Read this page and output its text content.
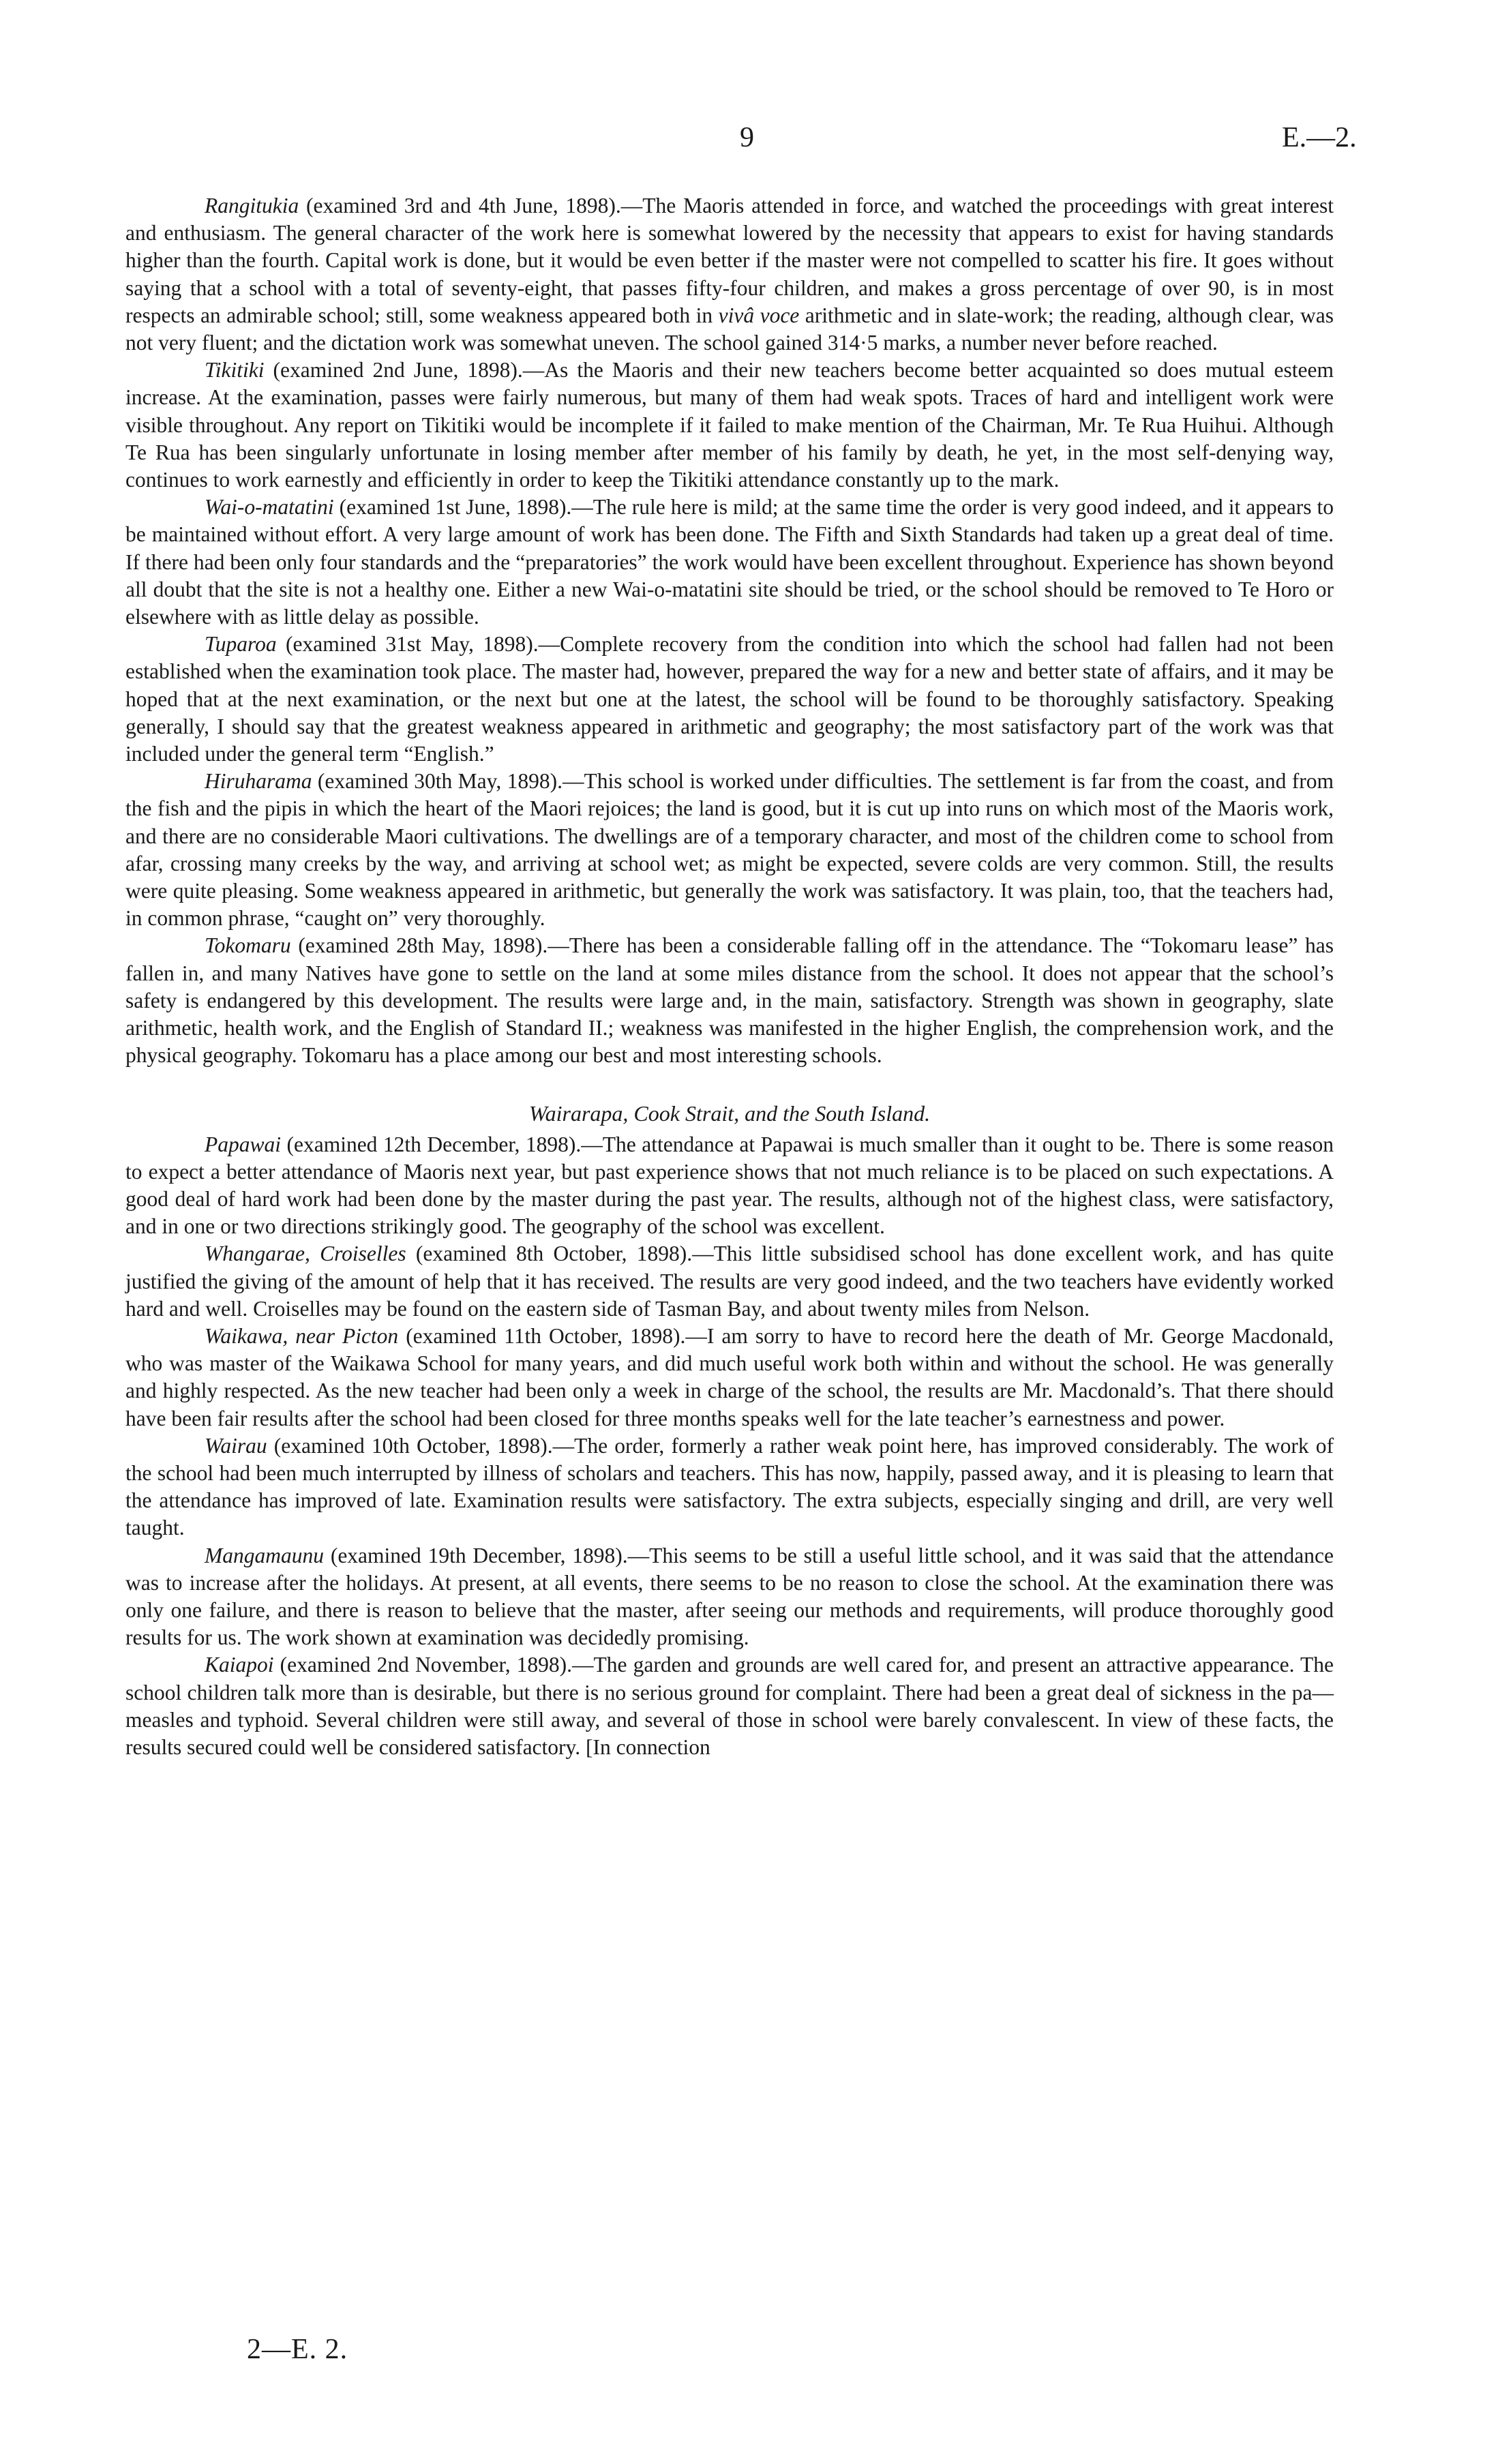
9	E.—2.

Rangitukia (examined 3rd and 4th June, 1898).—The Maoris attended in force, and watched the proceedings with great interest and enthusiasm. The general character of the work here is somewhat lowered by the necessity that appears to exist for having standards higher than the fourth. Capital work is done, but it would be even better if the master were not compelled to scatter his fire. It goes without saying that a school with a total of seventy-eight, that passes fifty-four children, and makes a gross percentage of over 90, is in most respects an admirable school; still, some weakness appeared both in vivâ voce arithmetic and in slate-work; the reading, although clear, was not very fluent; and the dictation work was somewhat uneven. The school gained 314·5 marks, a number never before reached.

Tikitiki (examined 2nd June, 1898).—As the Maoris and their new teachers become better acquainted so does mutual esteem increase. At the examination, passes were fairly numerous, but many of them had weak spots. Traces of hard and intelligent work were visible throughout. Any report on Tikitiki would be incomplete if it failed to make mention of the Chairman, Mr. Te Rua Huihui. Although Te Rua has been singularly unfortunate in losing member after member of his family by death, he yet, in the most self-denying way, continues to work earnestly and efficiently in order to keep the Tikitiki attendance constantly up to the mark.

Wai-o-matatini (examined 1st June, 1898).—The rule here is mild; at the same time the order is very good indeed, and it appears to be maintained without effort. A very large amount of work has been done. The Fifth and Sixth Standards had taken up a great deal of time. If there had been only four standards and the “preparatories” the work would have been excellent throughout. Experience has shown beyond all doubt that the site is not a healthy one. Either a new Wai-o-matatini site should be tried, or the school should be removed to Te Horo or elsewhere with as little delay as possible.

Tuparoa (examined 31st May, 1898).—Complete recovery from the condition into which the school had fallen had not been established when the examination took place. The master had, however, prepared the way for a new and better state of affairs, and it may be hoped that at the next examination, or the next but one at the latest, the school will be found to be thoroughly satisfactory. Speaking generally, I should say that the greatest weakness appeared in arithmetic and geography; the most satisfactory part of the work was that included under the general term “English.”

Hiruharama (examined 30th May, 1898).—This school is worked under difficulties. The settlement is far from the coast, and from the fish and the pipis in which the heart of the Maori rejoices; the land is good, but it is cut up into runs on which most of the Maoris work, and there are no considerable Maori cultivations. The dwellings are of a temporary character, and most of the children come to school from afar, crossing many creeks by the way, and arriving at school wet; as might be expected, severe colds are very common. Still, the results were quite pleasing. Some weakness appeared in arithmetic, but generally the work was satisfactory. It was plain, too, that the teachers had, in common phrase, “caught on” very thoroughly.

Tokomaru (examined 28th May, 1898).—There has been a considerable falling off in the attendance. The “Tokomaru lease” has fallen in, and many Natives have gone to settle on the land at some miles distance from the school. It does not appear that the school’s safety is endangered by this development. The results were large and, in the main, satisfactory. Strength was shown in geography, slate arithmetic, health work, and the English of Standard II.; weakness was manifested in the higher English, the comprehension work, and the physical geography. Tokomaru has a place among our best and most interesting schools.

Wairarapa, Cook Strait, and the South Island.

Papawai (examined 12th December, 1898).—The attendance at Papawai is much smaller than it ought to be. There is some reason to expect a better attendance of Maoris next year, but past experience shows that not much reliance is to be placed on such expectations. A good deal of hard work had been done by the master during the past year. The results, although not of the highest class, were satisfactory, and in one or two directions strikingly good. The geography of the school was excellent.

Whangarae, Croiselles (examined 8th October, 1898).—This little subsidised school has done excellent work, and has quite justified the giving of the amount of help that it has received. The results are very good indeed, and the two teachers have evidently worked hard and well. Croiselles may be found on the eastern side of Tasman Bay, and about twenty miles from Nelson.

Waikawa, near Picton (examined 11th October, 1898).—I am sorry to have to record here the death of Mr. George Macdonald, who was master of the Waikawa School for many years, and did much useful work both within and without the school. He was generally and highly respected. As the new teacher had been only a week in charge of the school, the results are Mr. Macdonald’s. That there should have been fair results after the school had been closed for three months speaks well for the late teacher’s earnestness and power.

Wairau (examined 10th October, 1898).—The order, formerly a rather weak point here, has improved considerably. The work of the school had been much interrupted by illness of scholars and teachers. This has now, happily, passed away, and it is pleasing to learn that the attendance has improved of late. Examination results were satisfactory. The extra subjects, especially singing and drill, are very well taught.

Mangamaunu (examined 19th December, 1898).—This seems to be still a useful little school, and it was said that the attendance was to increase after the holidays. At present, at all events, there seems to be no reason to close the school. At the examination there was only one failure, and there is reason to believe that the master, after seeing our methods and requirements, will produce thoroughly good results for us. The work shown at examination was decidedly promising.

Kaiapoi (examined 2nd November, 1898).—The garden and grounds are well cared for, and present an attractive appearance. The school children talk more than is desirable, but there is no serious ground for complaint. There had been a great deal of sickness in the pa—measles and typhoid. Several children were still away, and several of those in school were barely convalescent. In view of these facts, the results secured could well be considered satisfactory. [In connection

2—E. 2.
